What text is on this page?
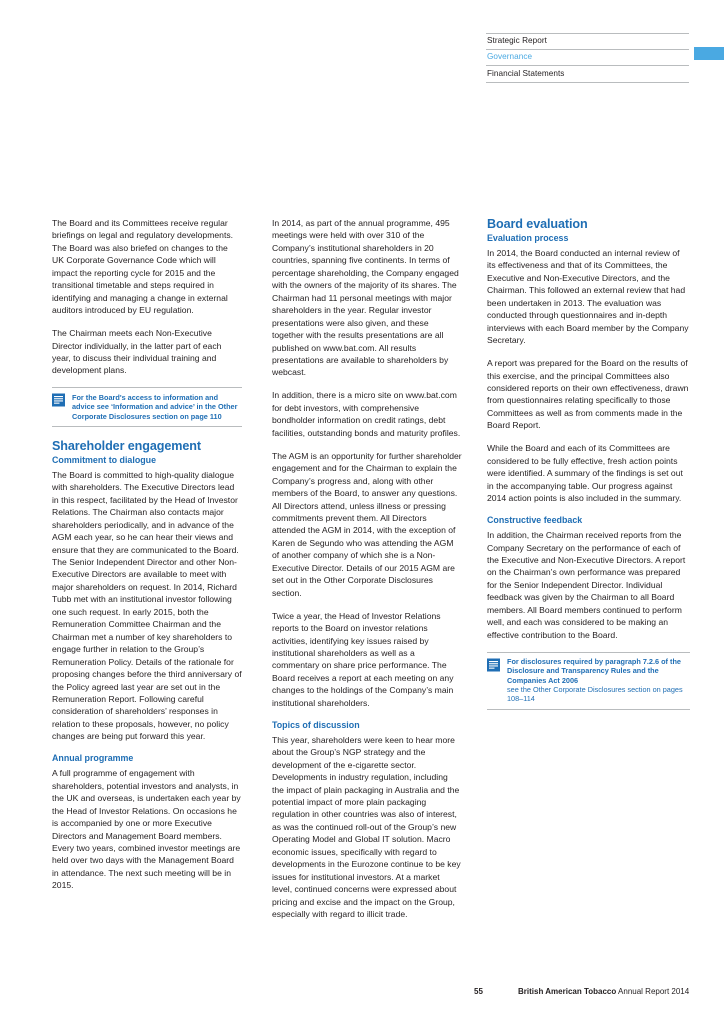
Strategic Report
Governance
Financial Statements

The Board and its Committees receive regular briefings on legal and regulatory developments. The Board was also briefed on changes to the UK Corporate Governance Code which will impact the reporting cycle for 2015 and the transitional timetable and steps required in identifying and managing a change in external auditors introduced by EU regulation.

The Chairman meets each Non-Executive Director individually, in the latter part of each year, to discuss their individual training and development plans.

For the Board's access to information and advice see ‘Information and advice’ in the Other Corporate Disclosures section on page 110
Shareholder engagement
Commitment to dialogue

The Board is committed to high-quality dialogue with shareholders. The Executive Directors lead in this respect, facilitated by the Head of Investor Relations. The Chairman also contacts major shareholders periodically, and in advance of the AGM each year, so he can hear their views and ensure that they are communicated to the Board. The Senior Independent Director and other Non-Executive Directors are available to meet with major shareholders on request. In 2014, Richard Tubb met with an institutional investor following one such request. In early 2015, both the Remuneration Committee Chairman and the Chairman met a number of key shareholders to engage further in relation to the Group’s Remuneration Policy. Details of the rationale for proposing changes before the third anniversary of the Policy agreed last year are set out in the Remuneration Report. Following careful consideration of shareholders’ responses in relation to these proposals, however, no policy changes are being put forward this year.

Annual programme

A full programme of engagement with shareholders, potential investors and analysts, in the UK and overseas, is undertaken each year by the Head of Investor Relations. On occasions he is accompanied by one or more Executive Directors and Management Board members. Every two years, combined investor meetings are held over two days with the Management Board in attendance. The next such meeting will be in 2015.

In 2014, as part of the annual programme, 495 meetings were held with over 310 of the Company’s institutional shareholders in 20 countries, spanning five continents. In terms of percentage shareholding, the Company engaged with the owners of the majority of its shares. The Chairman had 11 personal meetings with major shareholders in the year. Regular investor presentations were also given, and these together with the results presentations are all published on www.bat.com. All results presentations are available to shareholders by webcast.

In addition, there is a micro site on www.bat.com for debt investors, with comprehensive bondholder information on credit ratings, debt facilities, outstanding bonds and maturity profiles.

The AGM is an opportunity for further shareholder engagement and for the Chairman to explain the Company’s progress and, along with other members of the Board, to answer any questions. All Directors attend, unless illness or pressing commitments prevent them. All Directors attended the AGM in 2014, with the exception of Karen de Segundo who was attending the AGM of another company of which she is a Non-Executive Director. Details of our 2015 AGM are set out in the Other Corporate Disclosures section.

Twice a year, the Head of Investor Relations reports to the Board on investor relations activities, identifying key issues raised by institutional shareholders as well as a commentary on share price performance. The Board receives a report at each meeting on any changes to the holdings of the Company’s main institutional shareholders.

Topics of discussion

This year, shareholders were keen to hear more about the Group’s NGP strategy and the development of the e-cigarette sector. Developments in industry regulation, including the impact of plain packaging in Australia and the potential impact of more plain packaging regulation in other countries was also of interest, as was the continued roll-out of the Group’s new Operating Model and Global IT solution. Macro economic issues, specifically with regard to developments in the Eurozone continue to be key issues for institutional investors. At a market level, continued concerns were expressed about pricing and excise and the impact on the Group, especially with regard to illicit trade.

Board evaluation
Evaluation process

In 2014, the Board conducted an internal review of its effectiveness and that of its Committees, the Executive and Non-Executive Directors, and the Chairman. This followed an external review that had been undertaken in 2013. The evaluation was conducted through questionnaires and in-depth interviews with each Board member by the Company Secretary.

A report was prepared for the Board on the results of this exercise, and the principal Committees also considered reports on their own effectiveness, drawn from questionnaires relating specifically to those Committees as well as from comments made in the Board Report.

While the Board and each of its Committees are considered to be fully effective, fresh action points were identified. A summary of the findings is set out in the accompanying table. Our progress against 2014 action points is also included in the summary.

Constructive feedback

In addition, the Chairman received reports from the Company Secretary on the performance of each of the Executive and Non-Executive Directors. A report on the Chairman’s own performance was prepared for the Senior Independent Director. Individual feedback was given by the Chairman to all Board members. All Board members continued to perform well, and each was considered to be making an effective contribution to the Board.

For disclosures required by paragraph 7.2.6 of the Disclosure and Transparency Rules and the Companies Act 2006
see the Other Corporate Disclosures section on pages 108–114
55	British American Tobacco Annual Report 2014
